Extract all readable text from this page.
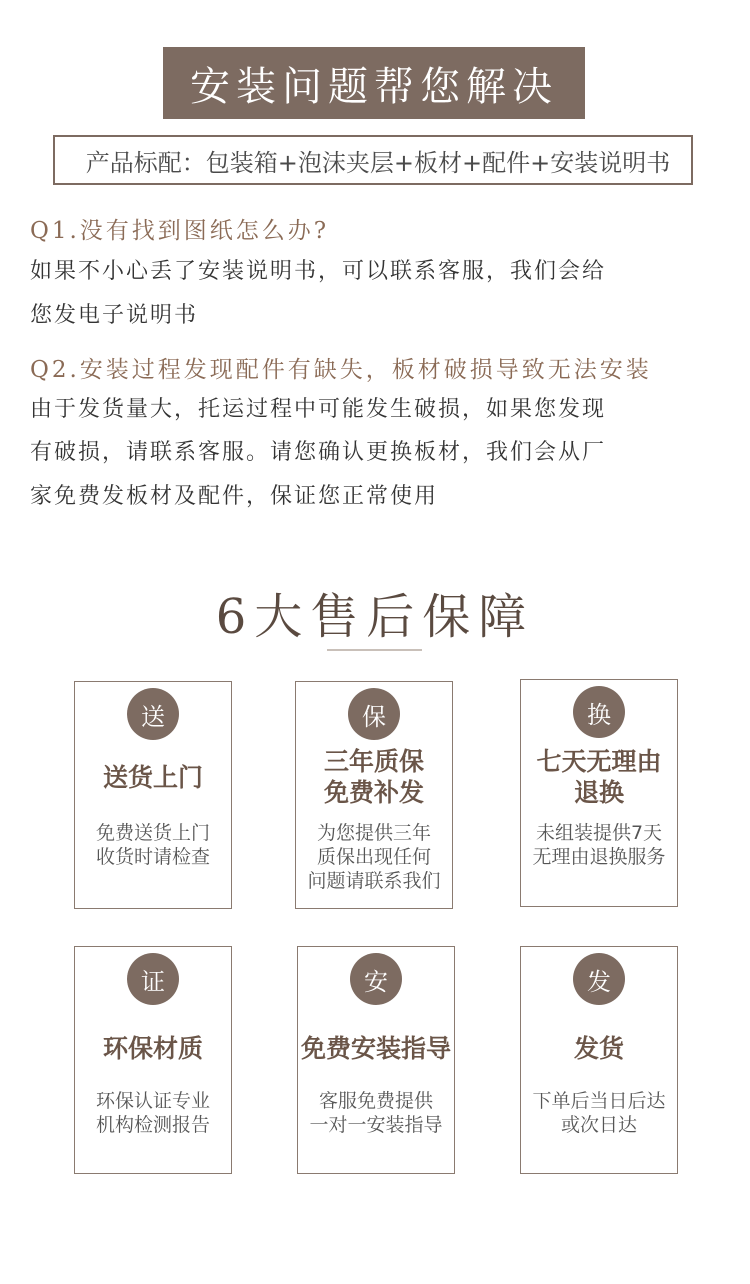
安装问题帮您解决
产品标配：包装箱+泡沫夹层+板材+配件+安装说明书
Q1.没有找到图纸怎么办?
如果不小心丢了安装说明书，可以联系客服，我们会给
您发电子说明书
Q2.安装过程发现配件有缺失，板材破损导致无法安装
由于发货量大，托运过程中可能发生破损，如果您发现
有破损，请联系客服。请您确认更换板材，我们会从厂
家免费发板材及配件，保证您正常使用
6大售后保障
送
送货上门
免费送货上门
收货时请检查
保
三年质保
免费补发
为您提供三年
质保出现任何
问题请联系我们
换
七天无理由
退换
未组装提供7天
无理由退换服务
证
环保材质
环保认证专业
机构检测报告
安
免费安装指导
客服免费提供
一对一安装指导
发
发货
下单后当日后达
或次日达
